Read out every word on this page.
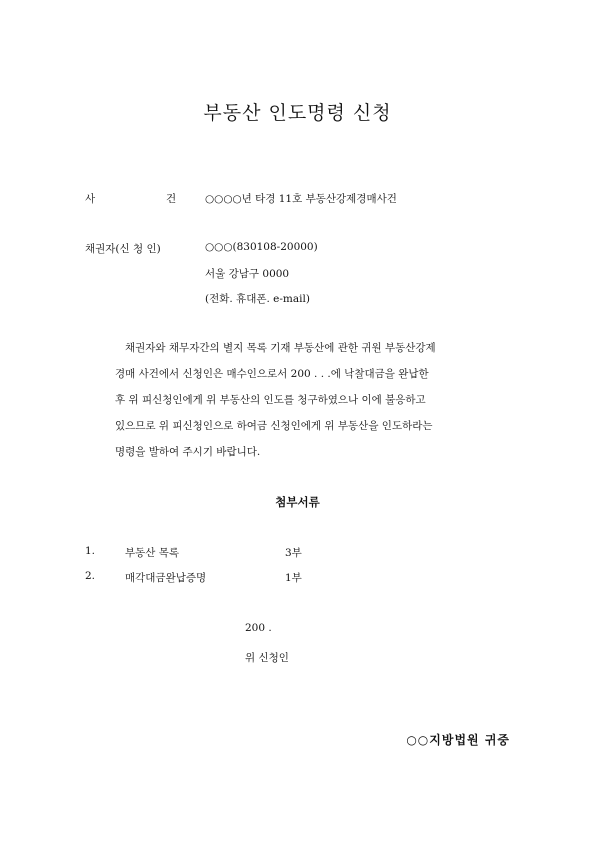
부동산 인도명령 신청
사	건	○○○○년 타경 11호 부동산강제경매사건
채권자(신 청 인)	○○○(830108-20000)
서울 강남구 0000
(전화. 휴대폰. e-mail)
채권자와 채무자간의 별지 목록 기재 부동산에 관한 귀원 부동산강제
경매 사건에서 신청인은 매수인으로서 200 . . .에 낙찰대금을 완납한
후 위 피신청인에게 위 부동산의 인도를 청구하였으나 이에 불응하고
있으므로 위 피신청인으로 하여금 신청인에게 위 부동산을 인도하라는
명령을 발하여 주시기 바랍니다.
첨부서류
1.	부동산 목록	3부
2.	매각대금완납증명	1부
200 .
위 신청인
○○지방법원 귀중
